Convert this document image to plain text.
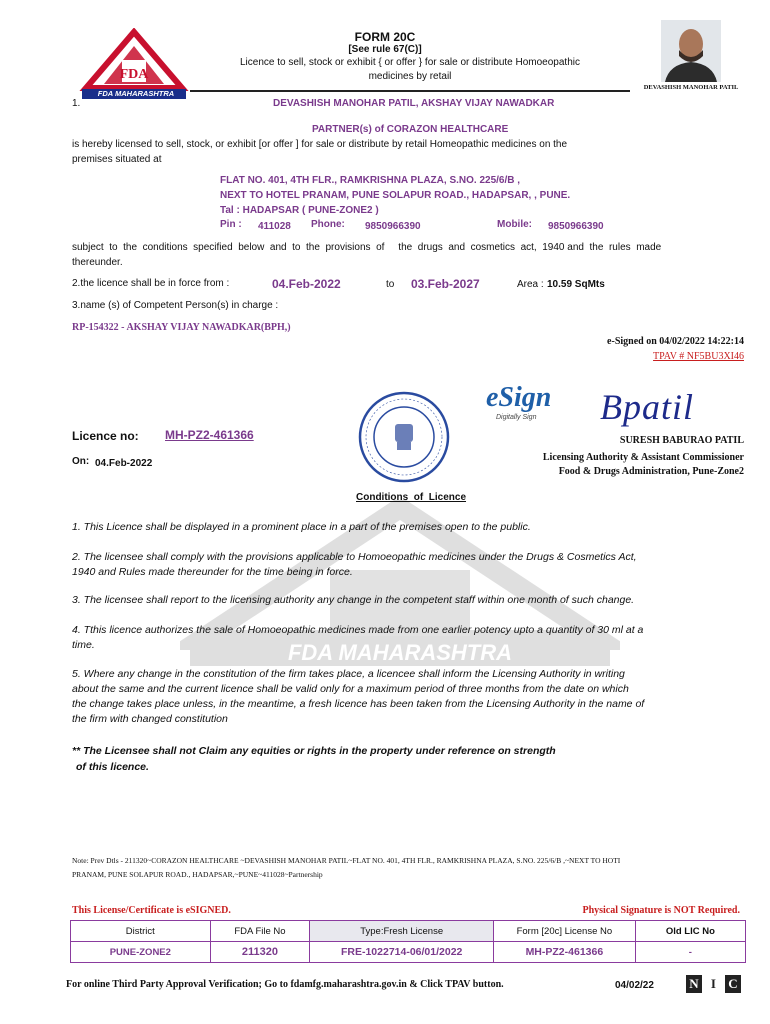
FDA
FDA MAHARASHTRA
FORM 20C
[See rule 67(C)]
Licence to sell, stock or exhibit { or offer } for sale or distribute Homoeopathic
medicines by retail
DEVASHISH MANOHAR PATIL
1.	DEVASHISH MANOHAR PATIL, AKSHAY VIJAY NAWADKAR
PARTNER(s) of CORAZON HEALTHCARE
is hereby licensed to sell, stock, or exhibit [or offer ] for sale or distribute by retail Homeopathic medicines on the
premises situated at
FLAT NO. 401, 4TH FLR., RAMKRISHNA PLAZA, S.NO. 225/6/B ,
NEXT TO HOTEL PRANAM, PUNE SOLAPUR ROAD., HADAPSAR, , PUNE.
Tal : HADAPSAR ( PUNE-ZONE2 )
Pin : 411028 Phone: 9850966390	Mobile: 9850966390
subject  to  the  conditions  specified  below  and  to  the  provisions  of     the  drugs  and  cosmetics  act,  1940 and  the  rules  made
thereunder.
2.the licence shall be in force from :	04.Feb-2022	to 03.Feb-2027	Area : 10.59 SqMts
3.name (s) of Competent Person(s) in charge :
RP-154322 - AKSHAY VIJAY NAWADKAR(BPH,)
e-Signed on 04/02/2022 14:22:14
TPAV # NF5BU3XI46
eSign
Digitally Sign Bpatil
SURESH BABURAO PATIL
Licensing Authority & Assistant Commissioner
Food & Drugs Administration, Pune-Zone2
Licence no: MH-PZ2-461366
On: 04.Feb-2022
FDA MAHARASHTRA
Conditions  of  Licence
1. This Licence shall be displayed in a prominent place in a part of the premises open to the public.
2. The licensee shall comply with the provisions applicable to Homoeopathic medicines under the Drugs & Cosmetics Act,
1940 and Rules made thereunder for the time being in force.
3. The licensee shall report to the licensing authority any change in the competent staff within one month of such change.
4. Tthis licence authorizes the sale of Homoeopathic medicines made from one earlier potency upto a quantity of 30 ml at a
time.
5. Where any change in the constitution of the firm takes place, a licencee shall inform the Licensing Authority in writing
about the same and the current licence shall be valid only for a maximum period of three months from the date on which
the change takes place unless, in the meantime, a fresh licence has been taken from the Licensing Authority in the name of
the firm with changed constitution
** The Licensee shall not Claim any equities or rights in the property under reference on strength
of this licence.
Note: Prev Dtls - 211320~CORAZON HEALTHCARE ~DEVASHISH MANOHAR PATIL~FLAT NO. 401, 4TH FLR., RAMKRISHNA PLAZA, S.NO. 225/6/B ,~NEXT TO HOTI
PRANAM, PUNE SOLAPUR ROAD., HADAPSAR,~PUNE~411028~Partnership
This License/Certificate is eSIGNED.	Physical Signature is NOT Required.
District	FDA File No	Type:Fresh License	Form [20c] License No	Old LIC No
PUNE-ZONE2	211320	FRE-1022714-06/01/2022	MH-PZ2-461366	-
For online Third Party Approval Verification; Go to fdamfg.maharashtra.gov.in & Click TPAV button.	04/02/22	N I C
